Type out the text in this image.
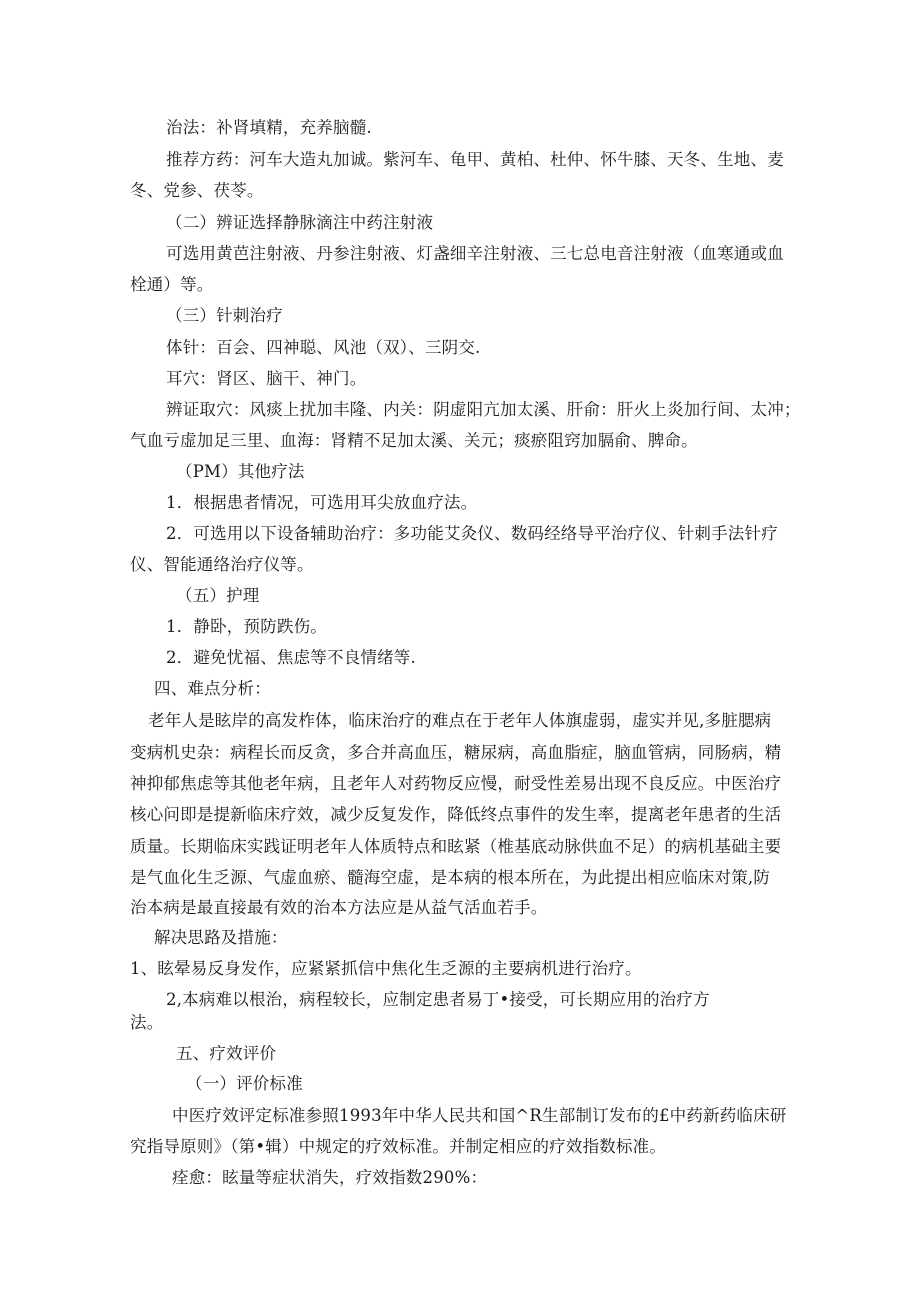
治法：补肾填精，充养脑髓.
推荐方药：河车大造丸加诚。紫河车、龟甲、黄柏、杜仲、怀牛膝、天冬、生地、麦
冬、党参、茯苓。
（二）辨证选择静脉滴注中药注射液
可选用黄芭注射液、丹参注射液、灯盏细辛注射液、三七总电音注射液（血寒通或血
栓通）等。
（三）针刺治疗
体针：百会、四神聪、风池（双）、三阴交.
耳穴：肾区、脑干、神门。
辨证取穴：风痰上扰加丰隆、内关：阴虚阳亢加太溪、肝俞：肝火上炎加行间、太冲；
气血亏虚加足三里、血海：肾精不足加太溪、关元；痰瘀阻窍加膈俞、脾命。
（PM）其他疗法
1．根据患者情况，可选用耳尖放血疗法。
2．可选用以下设备辅助治疗：多功能艾灸仪、数码经络导平治疗仪、针刺手法针疗
仪、智能通络治疗仪等。
（五）护理
1．静卧，预防跌伤。
2．避免忧福、焦虑等不良情绪等.
四、难点分析：
老年人是眩岸的高发柞体，临床治疗的难点在于老年人体旗虚弱，虚实并见,多脏腮病
变病机史杂：病程长而反贪，多合并高血压，糖尿病，高血脂症，脑血管病，同肠病，精
神抑郁焦虑等其他老年病，且老年人对药物反应慢，耐受性差易出现不良反应。中医治疗
核心问即是提新临床疗效，减少反复发作，降低终点事件的发生率，提离老年患者的生活
质量。长期临床实践证明老年人体质特点和眩紧（椎基底动脉供血不足）的病机基础主要
是气血化生乏源、气虚血瘀、髓海空虚，是本病的根本所在，为此提出相应临床对策,防
治本病是最直接最有效的治本方法应是从益气活血若手。
解决思路及措施：
1、眩晕易反身发作，应紧紧抓信中焦化生乏源的主要病机进行治疗。
2,本病难以根治，病程较长，应制定患者易丁•接受，可长期应用的治疗方
法。
五、疗效评价
（一）评价标准
中医疗效评定标准参照1993年中华人民共和国^R生部制订发布的£中药新药临床研
究指导原则》（第•辑）中规定的疗效标准。并制定相应的疗效指数标准。
痊愈：眩量等症状消失，疗效指数290%：
